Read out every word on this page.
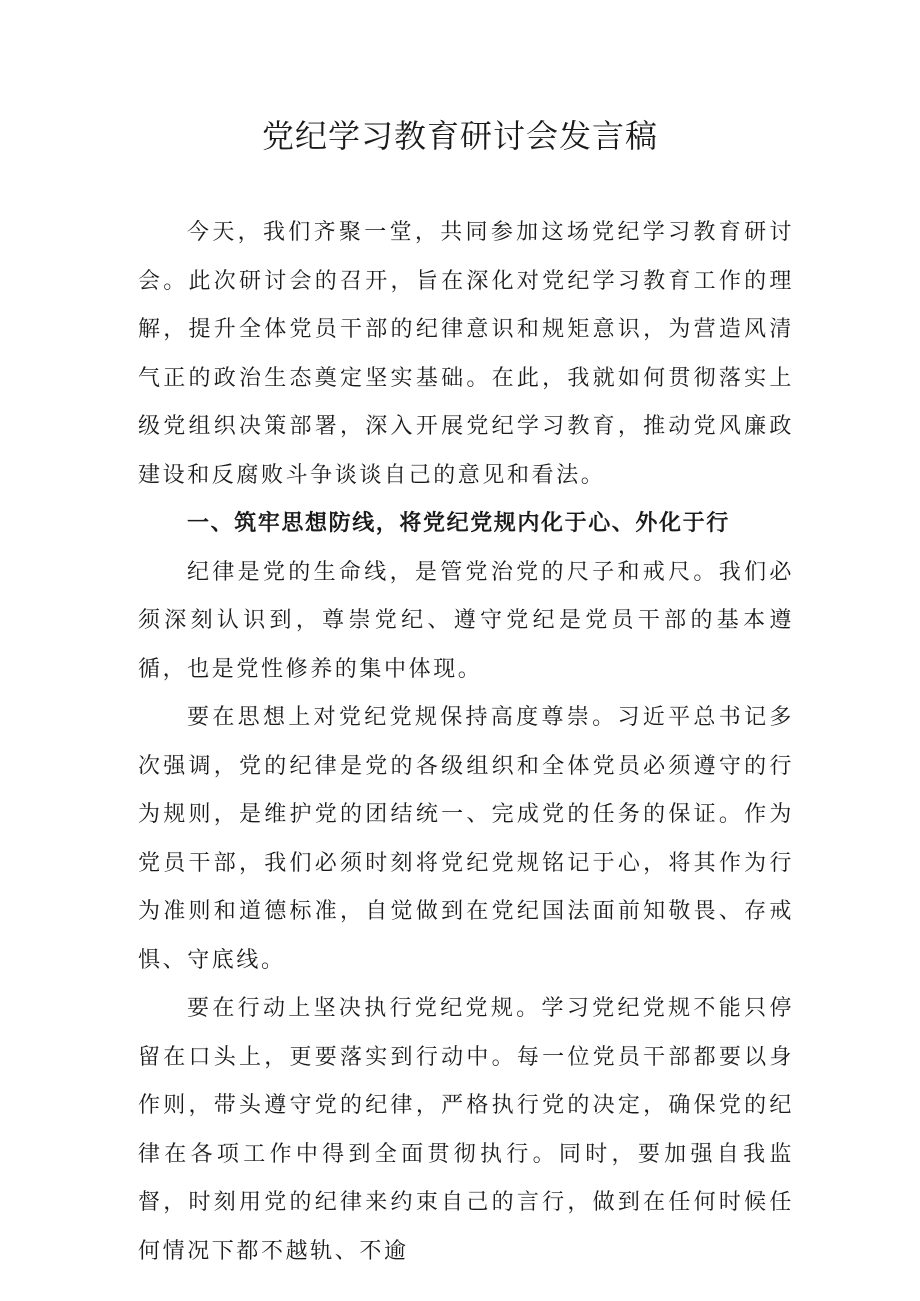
党纪学习教育研讨会发言稿

今天，我们齐聚一堂，共同参加这场党纪学习教育研讨会。此次研讨会的召开，旨在深化对党纪学习教育工作的理解，提升全体党员干部的纪律意识和规矩意识，为营造风清气正的政治生态奠定坚实基础。在此，我就如何贯彻落实上级党组织决策部署，深入开展党纪学习教育，推动党风廉政建设和反腐败斗争谈谈自己的意见和看法。

一、筑牢思想防线，将党纪党规内化于心、外化于行

纪律是党的生命线，是管党治党的尺子和戒尺。我们必须深刻认识到，尊崇党纪、遵守党纪是党员干部的基本遵循，也是党性修养的集中体现。

要在思想上对党纪党规保持高度尊崇。习近平总书记多次强调，党的纪律是党的各级组织和全体党员必须遵守的行为规则，是维护党的团结统一、完成党的任务的保证。作为党员干部，我们必须时刻将党纪党规铭记于心，将其作为行为准则和道德标准，自觉做到在党纪国法面前知敬畏、存戒惧、守底线。

要在行动上坚决执行党纪党规。学习党纪党规不能只停留在口头上，更要落实到行动中。每一位党员干部都要以身作则，带头遵守党的纪律，严格执行党的决定，确保党的纪律在各项工作中得到全面贯彻执行。同时，要加强自我监督，时刻用党的纪律来约束自己的言行，做到在任何时候任何情况下都不越轨、不逾
